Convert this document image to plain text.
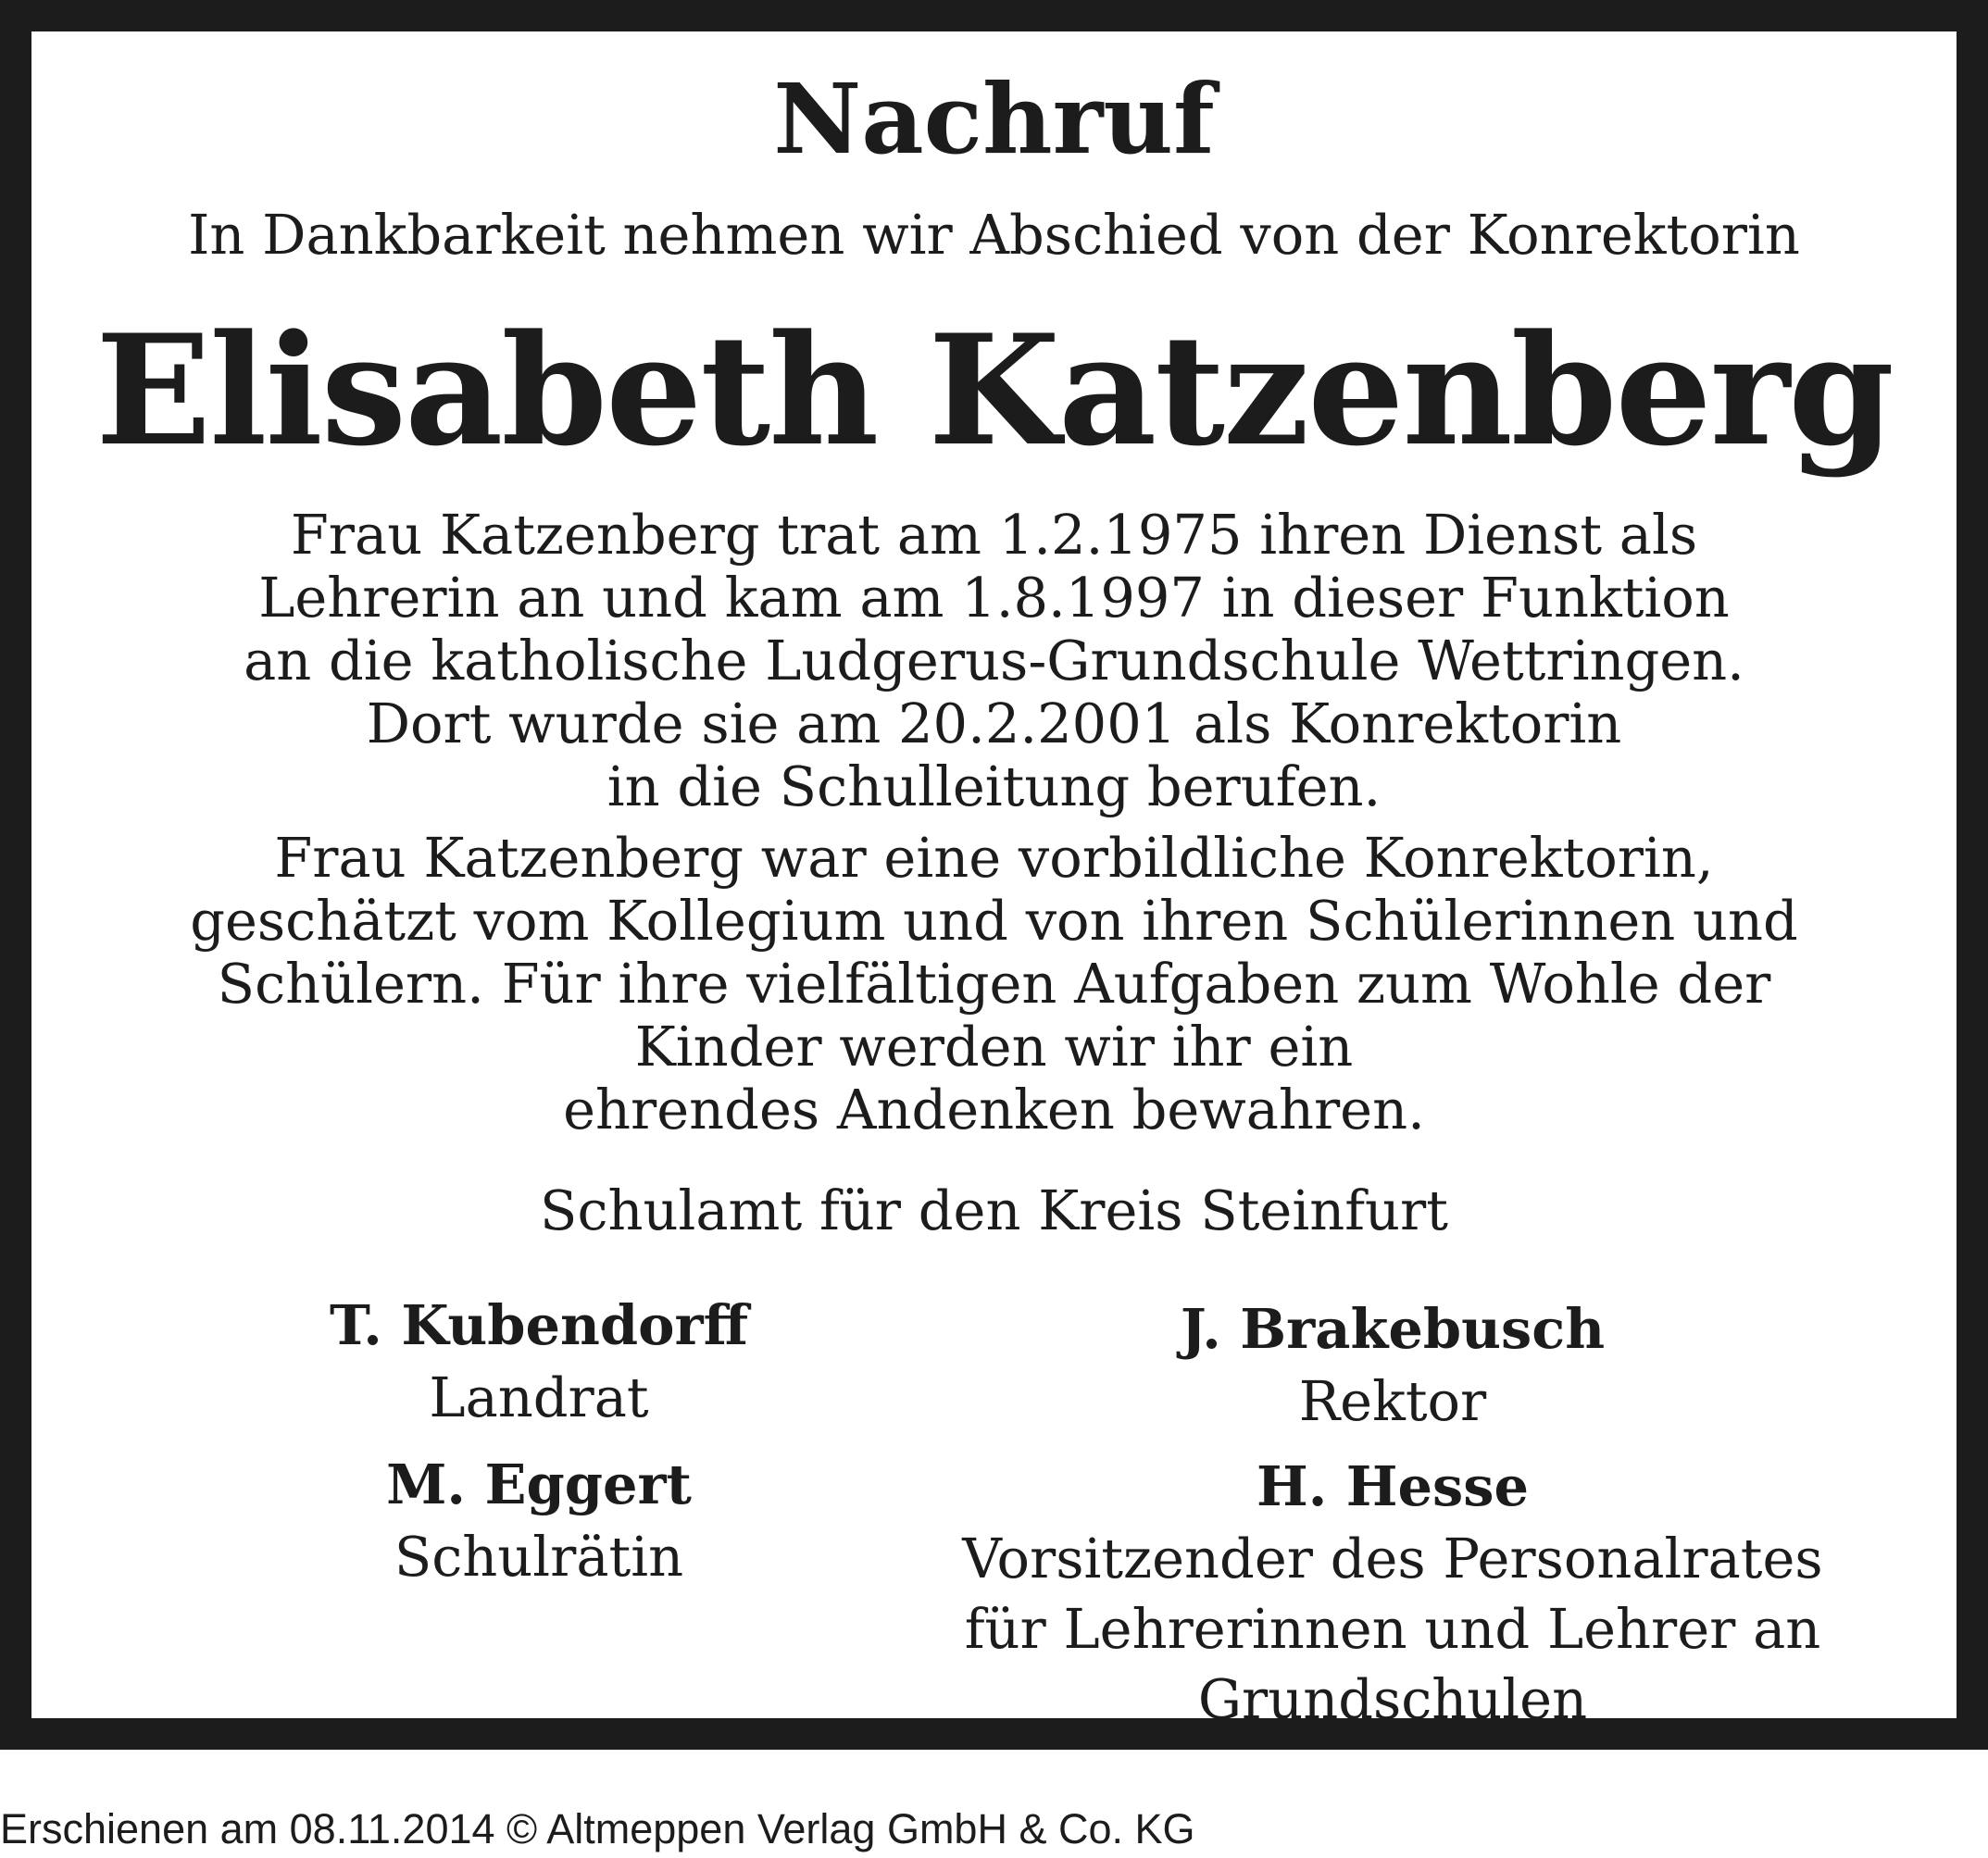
Nachruf
In Dankbarkeit nehmen wir Abschied von der Konrektorin
Elisabeth Katzenberg
Frau Katzenberg trat am 1.2.1975 ihren Dienst als
Lehrerin an und kam am 1.8.1997 in dieser Funktion
an die katholische Ludgerus-Grundschule Wettringen.
Dort wurde sie am 20.2.2001 als Konrektorin
in die Schulleitung berufen.
Frau Katzenberg war eine vorbildliche Konrektorin,
geschätzt vom Kollegium und von ihren Schülerinnen und
Schülern. Für ihre vielfältigen Aufgaben zum Wohle der
Kinder werden wir ihr ein
ehrendes Andenken bewahren.
Schulamt für den Kreis Steinfurt
T. Kubendorff
Landrat
M. Eggert
Schulrätin
J. Brakebusch
Rektor
H. Hesse
Vorsitzender des Personalrates
für Lehrerinnen und Lehrer an
Grundschulen
Erschienen am 08.11.2014 © Altmeppen Verlag GmbH & Co. KG
